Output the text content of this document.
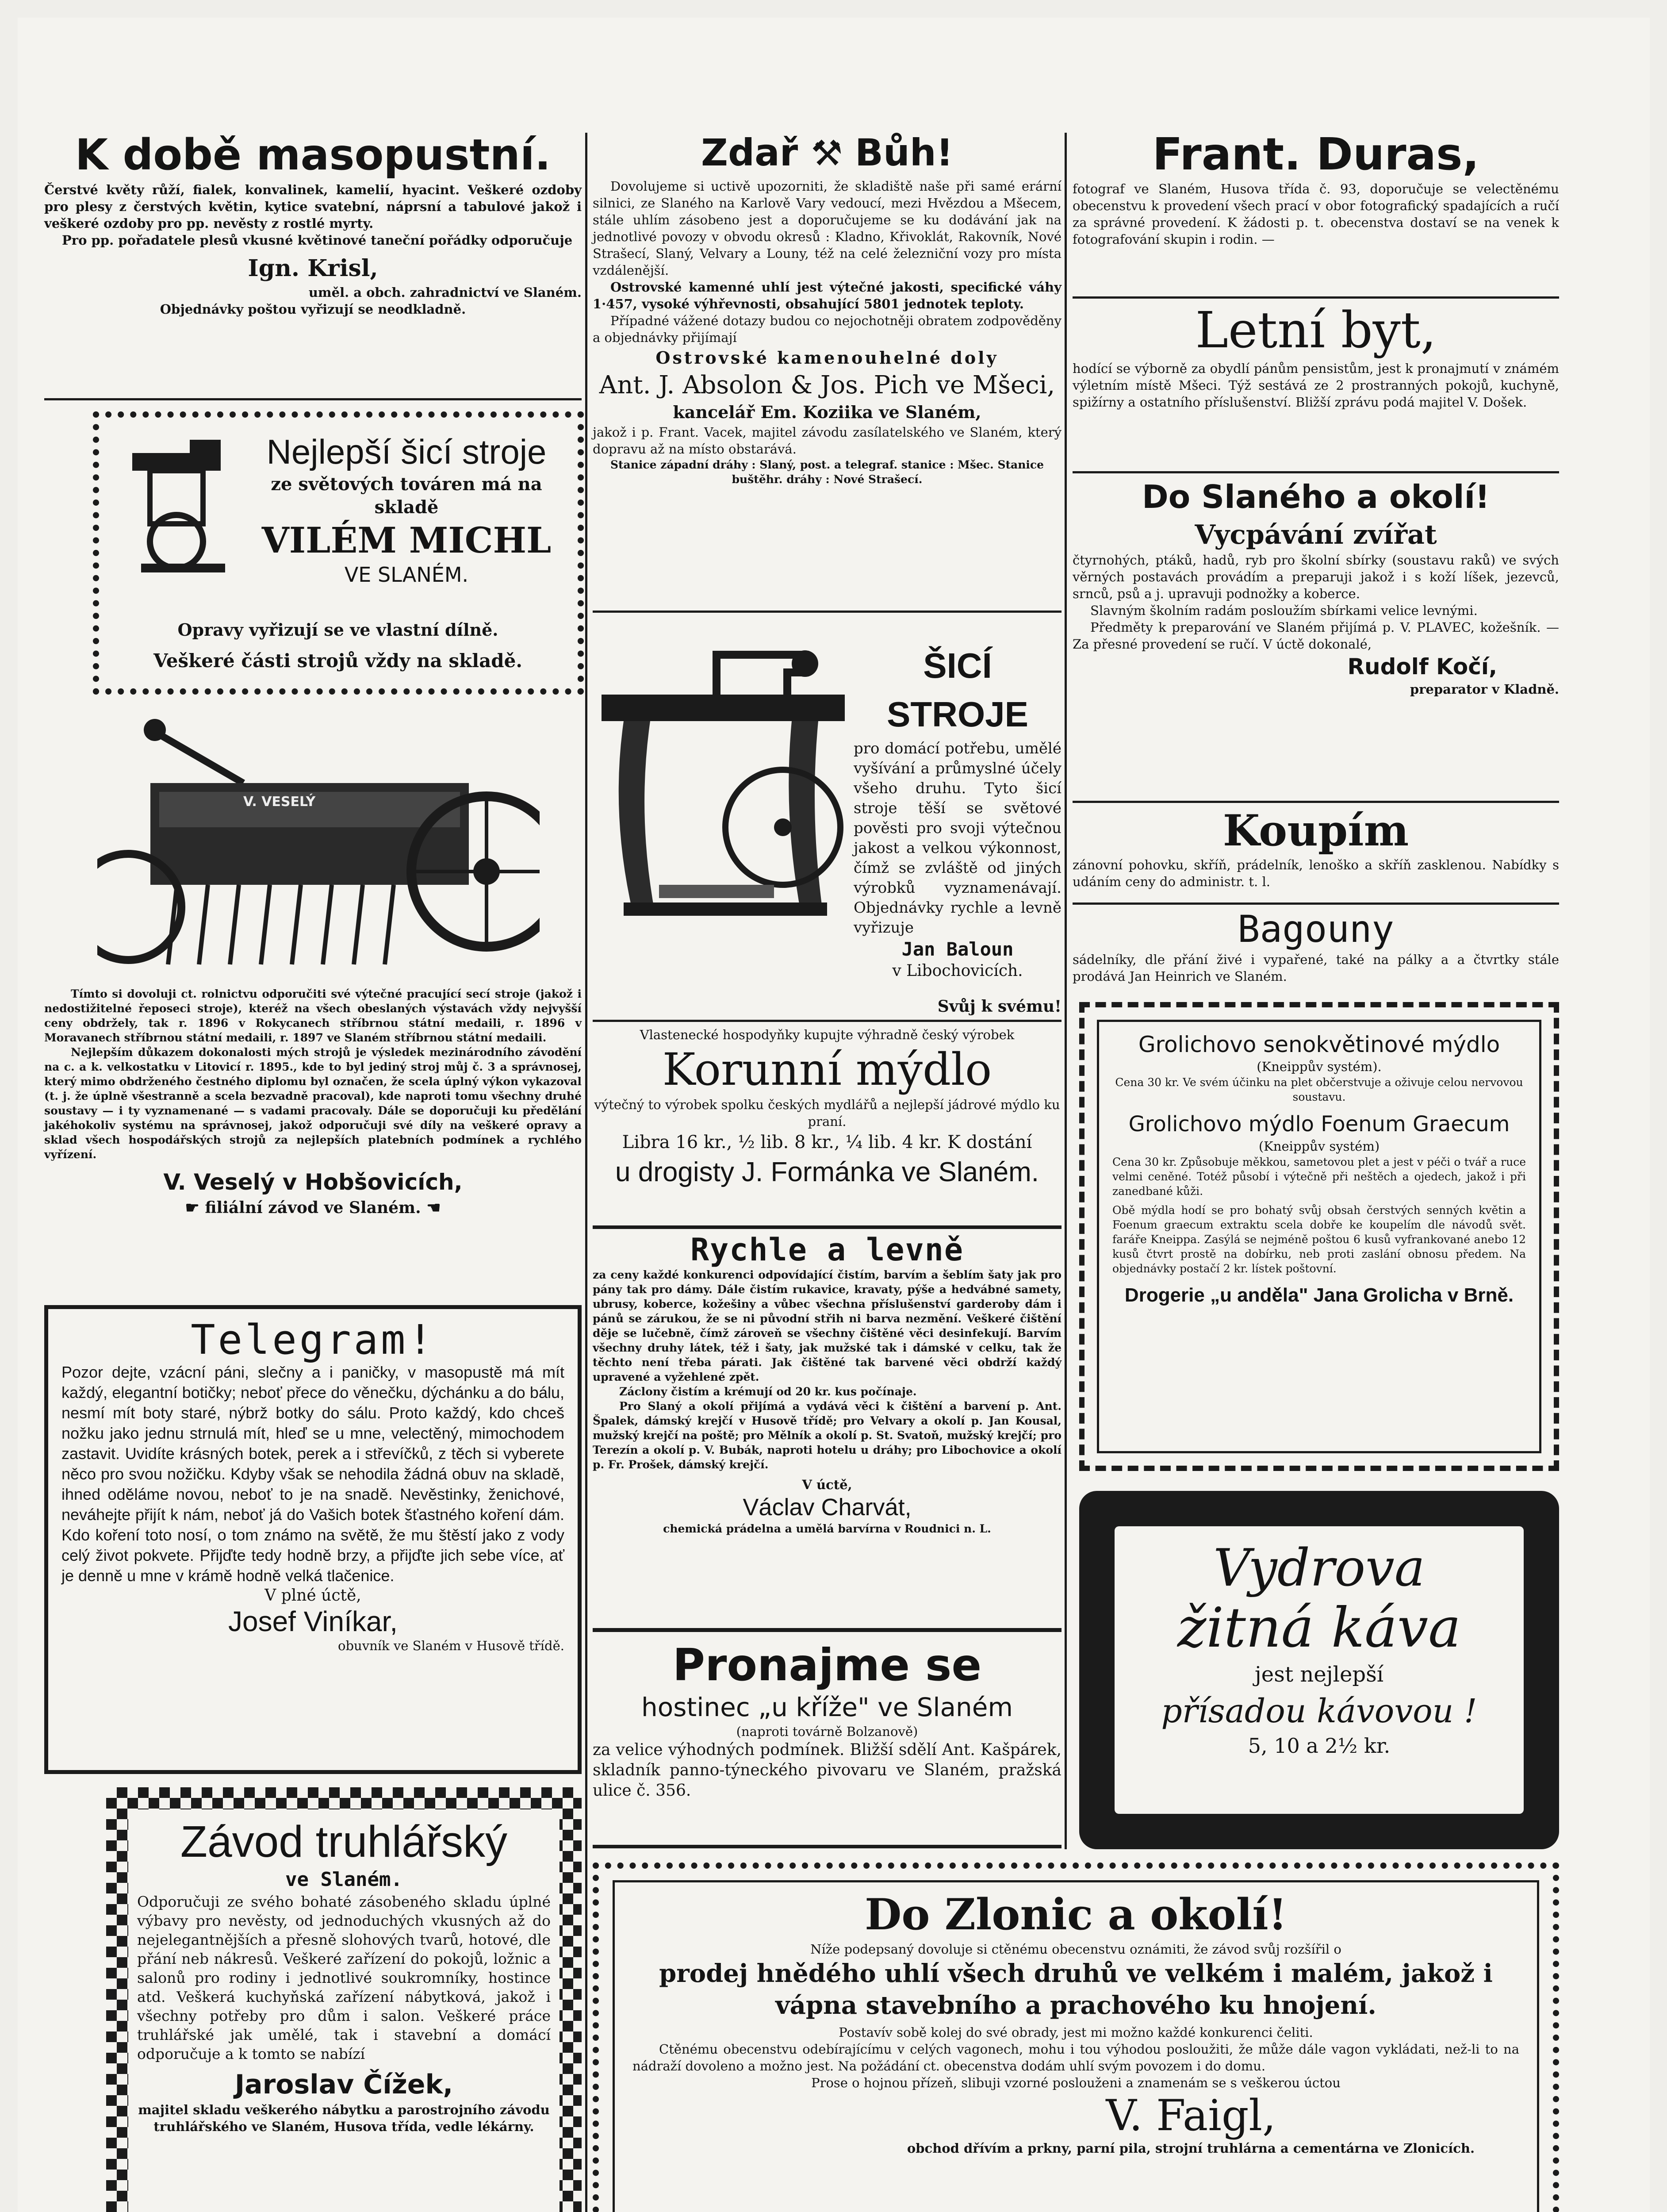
K době masopustní.

Čerstvé květy růží, fialek, konvalinek, kamelií, hyacint. Veškeré ozdoby pro plesy z čerstvých květin, kytice svatební, náprsní a tabulové jakož i veškeré ozdoby pro pp. nevěsty z rostlé myrty.

Pro pp. pořadatele plesů vkusné květinové taneční pořádky odporučuje

Ign. Krisl,
uměl. a obch. zahradnictví ve Slaném.
Objednávky poštou vyřizují se neodkladně.
Nejlepší šicí stroje
ze světových továren má na skladě
VILÉM MICHL
VE SLANÉM.
Opravy vyřizují se ve vlastní dílně.
Veškeré části strojů vždy na skladě.
V. VESELÝ

Tímto si dovoluji ct. rolnictvu odporučiti své výtečné pracující secí stroje (jakož i nedostižitelné řeposeci stroje), kteréž na všech obeslaných výstavách vždy nejvyšší ceny obdržely, tak r. 1896 v Rokycanech stříbrnou státní medaili, r. 1896 v Moravanech stříbrnou státní medaili, r. 1897 ve Slaném stříbrnou státní medaili.

Nejlepším důkazem dokonalosti mých strojů je výsledek mezinárodního závodění na c. a k. velkostatku v Litovicí r. 1895., kde to byl jediný stroj můj č. 3 a správnosej, který mimo obdrženého čestného diplomu byl označen, že scela úplný výkon vykazoval (t. j. že úplně všestranně a scela bezvadně pracoval), kde naproti tomu všechny druhé soustavy — i ty vyznamenané — s vadami pracovaly. Dále se doporučuji ku předělání jakéhokoliv systému na správnosej, jakož odporučuji své díly na veškeré opravy a sklad všech hospodářských strojů za nejlepších platebních podmínek a rychlého vyřízení.

V. Veselý v Hobšovicích,
☛ filiální závod ve Slaném. ☚
Telegram!

Pozor dejte, vzácní páni, slečny a i paničky, v masopustě má mít každý, elegantní botičky; neboť přece do věnečku, dýchánku a do bálu, nesmí mít boty staré, nýbrž botky do sálu. Proto každý, kdo chceš nožku jako jednu strnulá mít, hleď se u mne, velectěný, mimochodem zastavit. Uvidíte krásných botek, perek a i střevíčků, z těch si vyberete něco pro svou nožičku. Kdyby však se nehodila žádná obuv na skladě, ihned oděláme novou, neboť to je na snadě. Nevěstinky, ženichové, neváhejte přijít k nám, neboť já do Vašich botek šťastného koření dám. Kdo koření toto nosí, o tom známo na světě, že mu štěstí jako z vody celý život pokvete. Přijďte tedy hodně brzy, a přijďte jich sebe více, ať je denně u mne v krámě hodně velká tlačenice.

V plné úctě,
Josef Viníkar,
obuvník ve Slaném v Husově třídě.
Závod truhlářský
ve Slaném.

Odporučuji ze svého bohaté zásobeného skladu úplné výbavy pro nevěsty, od jednoduchých vkusných až do nejelegantnějších a přesně slohových tvarů, hotové, dle přání neb nákresů. Veškeré zařízení do pokojů, ložnic a salonů pro rodiny i jednotlivé soukromníky, hostince atd. Veškerá kuchyňská zařízení nábytková, jakož i všechny potřeby pro dům i salon. Veškeré práce truhlářské jak umělé, tak i stavební a domácí odporučuje a k tomto se nabízí

Jaroslav Čížek,
majitel skladu veškerého nábytku a parostrojního závodu truhlářského ve Slaném, Husova třída, vedle lékárny.
Zdař ⚒ Bůh!

Dovolujeme si uctivě upozorniti, že skladiště naše při samé erární silnici, ze Slaného na Karlově Vary vedoucí, mezi Hvězdou a Mšecem, stále uhlím zásobeno jest a doporučujeme se ku dodávání jak na jednotlivé povozy v obvodu okresů : Kladno, Křivoklát, Rakovník, Nové Strašecí, Slaný, Velvary a Louny, též na celé železniční vozy pro místa vzdálenější.

Ostrovské kamenné uhlí jest výtečné jakosti, specifické váhy 1·457, vysoké výhřevnosti, obsahující 5801 jednotek teploty.

Případné vážené dotazy budou co nejochotněji obratem zodpověděny a objednávky přijímají

Ostrovské kamenouhelné doly
Ant. J. Absolon & Jos. Pich ve Mšeci,
kancelář Em. Koziika ve Slaném,

jakož i p. Frant. Vacek, majitel závodu zasílatelského ve Slaném, který dopravu až na místo obstarává.

Stanice západní dráhy : Slaný, post. a telegraf. stanice : Mšec. Stanice buštěhr. dráhy : Nové Strašecí.

ŠICÍ STROJE

pro domácí potřebu, umělé vyšívání a průmyslné účely všeho druhu. Tyto šicí stroje těší se světové pověsti pro svoji výtečnou jakost a velkou výkonnost, čímž se zvláště od jiných výrobků vyznamenávají. Objednávky rychle a levně vyřizuje

Jan Baloun
v Libochovicích.
Svůj k svému!

Vlastenecké hospodyňky kupujte výhradně český výrobek

Korunní mýdlo

výtečný to výrobek spolku českých mydlářů a nejlepší jádrové mýdlo ku praní.

Libra 16 kr., ½ lib. 8 kr., ¼ lib. 4 kr. K dostání
u drogisty J. Formánka ve Slaném.
Rychle a levně

za ceny každé konkurenci odpovídající čistím, barvím a šeblím šaty jak pro pány tak pro dámy. Dále čistím rukavice, kravaty, pýše a hedvábné samety, ubrusy, koberce, kožešiny a vůbec všechna příslušenství garderoby dám i pánů se zárukou, že se ni původní střih ni barva nezmění. Veškeré čištění děje se lučebně, čímž zároveň se všechny čištěné věci desinfekují. Barvím všechny druhy látek, též i šaty, jak mužské tak i dámské v celku, tak že těchto není třeba párati. Jak čištěné tak barvené věci obdrží každý upravené a vyžehlené zpět.

Záclony čistím a krémují od 20 kr. kus počínaje.

Pro Slaný a okolí přijímá a vydává věci k čištění a barvení p. Ant. Špalek, dámský krejčí v Husově třídě; pro Velvary a okolí p. Jan Kousal, mužský krejčí na poště; pro Mělník a okolí p. St. Svatoň, mužský krejčí; pro Terezín a okolí p. V. Bubák, naproti hotelu u dráhy; pro Libochovice a okolí p. Fr. Prošek, dámský krejčí.

V úctě,
Václav Charvát,
chemická prádelna a umělá barvírna v Roudnici n. L.
Pronajme se
hostinec „u kříže" ve Slaném
(naproti továrně Bolzanově)

za velice výhodných podmínek. Bližší sdělí Ant. Kašpárek, skladník panno-týneckého pivovaru ve Slaném, pražská ulice č. 356.

Frant. Duras,

fotograf ve Slaném, Husova třída č. 93, doporučuje se velectěnému obecenstvu k provedení všech prací v obor fotografický spadajících a ručí za správné provedení. K žádosti p. t. obecenstva dostaví se na venek k fotografování skupin i rodin. —

Letní byt,

hodící se výborně za obydlí pánům pensistům, jest k pronajmutí v známém výletním místě Mšeci. Týž sestává ze 2 prostranných pokojů, kuchyně, spižírny a ostatního příslušenství. Bližší zprávu podá majitel V. Došek.

Do Slaného a okolí!
Vycpávání zvířat

čtyrnohých, ptáků, hadů, ryb pro školní sbírky (soustavu raků) ve svých věrných postavách provádím a preparuji jakož i s koží líšek, jezevců, srnců, psů a j. upravuji podnožky a koberce.

Slavným školním radám posloužím sbírkami velice levnými.

Předměty k preparování ve Slaném přijímá p. V. PLAVEC, kožešník. — Za přesné provedení se ručí. V úctě dokonalé,

Rudolf Kočí,
preparator v Kladně.
Koupím

zánovní pohovku, skříň, prádelník, lenoško a skříň zasklenou. Nabídky s udáním ceny do administr. t. l.

Bagouny

sádelníky, dle přání živé i vypařené, také na pálky a a čtvrtky stále prodává Jan Heinrich ve Slaném.

Grolichovo senokvětinové mýdlo
(Kneippův systém).

Cena 30 kr. Ve svém účinku na plet občerstvuje a oživuje celou nervovou soustavu.

Grolichovo mýdlo Foenum Graecum
(Kneippův systém)

Cena 30 kr. Způsobuje měkkou, sametovou plet a jest v péči o tvář a ruce velmi ceněné. Totéž působí i výtečně při neštěch a ojedech, jakož i při zanedbané kůži.

Obě mýdla hodí se pro bohatý svůj obsah čerstvých senných květin a Foenum graecum extraktu scela dobře ke koupelím dle návodů svět. faráře Kneippa. Zasýlá se nejméně poštou 6 kusů vyfrankované anebo 12 kusů čtvrt prostě na dobírku, neb proti zaslání obnosu předem. Na objednávky postačí 2 kr. lístek poštovní.

Drogerie „u anděla" Jana Grolicha v Brně.
Vydrova
žitná káva
jest nejlepší
přísadou kávovou !
5, 10 a 2½ kr.
Do Zlonic a okolí!

Níže podepsaný dovoluje si ctěnému obecenstvu oznámiti, že závod svůj rozšířil o

prodej hnědého uhlí všech druhů ve velkém i malém, jakož i vápna stavebního a prachového ku hnojení.

Postavív sobě kolej do své obrady, jest mi možno každé konkurenci čeliti.

Ctěnému obecenstvu odebírajícímu v celých vagonech, mohu i tou výhodou posloužiti, že může dále vagon vykládati, než-li to na nádraží dovoleno a možno jest. Na požádání ct. obecenstva dodám uhlí svým povozem i do domu.

Prose o hojnou přízeň, slibuji vzorné poslouženi a znamenám se s veškerou úctou

V. Faigl,
obchod dřívím a prkny, parní pila, strojní truhlárna a cementárna ve Zlonicích.
